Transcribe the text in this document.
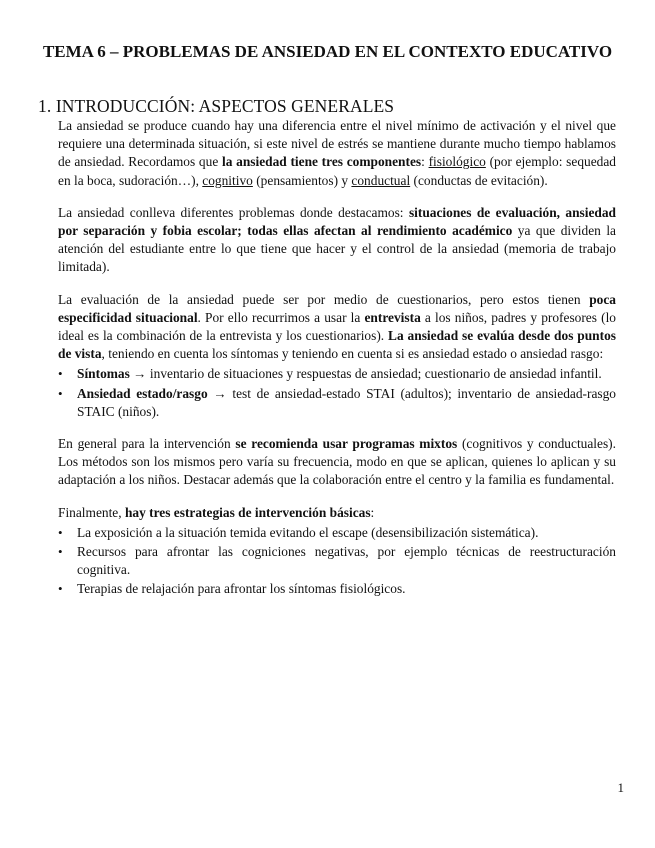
TEMA 6 – PROBLEMAS DE ANSIEDAD EN EL CONTEXTO EDUCATIVO
1. INTRODUCCIÓN: ASPECTOS GENERALES

La ansiedad se produce cuando hay una diferencia entre el nivel mínimo de activación y el nivel que requiere una determinada situación, si este nivel de estrés se mantiene durante mucho tiempo hablamos de ansiedad. Recordamos que la ansiedad tiene tres componentes: fisiológico (por ejemplo: sequedad en la boca, sudoración…), cognitivo (pensamientos) y conductual (conductas de evitación).

La ansiedad conlleva diferentes problemas donde destacamos: situaciones de evaluación, ansiedad por separación y fobia escolar; todas ellas afectan al rendimiento académico ya que dividen la atención del estudiante entre lo que tiene que hacer y el control de la ansiedad (memoria de trabajo limitada).

La evaluación de la ansiedad puede ser por medio de cuestionarios, pero estos tienen poca especificidad situacional. Por ello recurrimos a usar la entrevista a los niños, padres y profesores (lo ideal es la combinación de la entrevista y los cuestionarios). La ansiedad se evalúa desde dos puntos de vista, teniendo en cuenta los síntomas y teniendo en cuenta si es ansiedad estado o ansiedad rasgo:

• Síntomas → inventario de situaciones y respuestas de ansiedad; cuestionario de ansiedad infantil.
• Ansiedad estado/rasgo → test de ansiedad-estado STAI (adultos); inventario de ansiedad-rasgo STAIC (niños).

En general para la intervención se recomienda usar programas mixtos (cognitivos y conductuales). Los métodos son los mismos pero varía su frecuencia, modo en que se aplican, quienes lo aplican y su adaptación a los niños. Destacar además que la colaboración entre el centro y la familia es fundamental.

Finalmente, hay tres estrategias de intervención básicas:

• La exposición a la situación temida evitando el escape (desensibilización sistemática).
• Recursos para afrontar las cogniciones negativas, por ejemplo técnicas de reestructuración cognitiva.
• Terapias de relajación para afrontar los síntomas fisiológicos.
1
